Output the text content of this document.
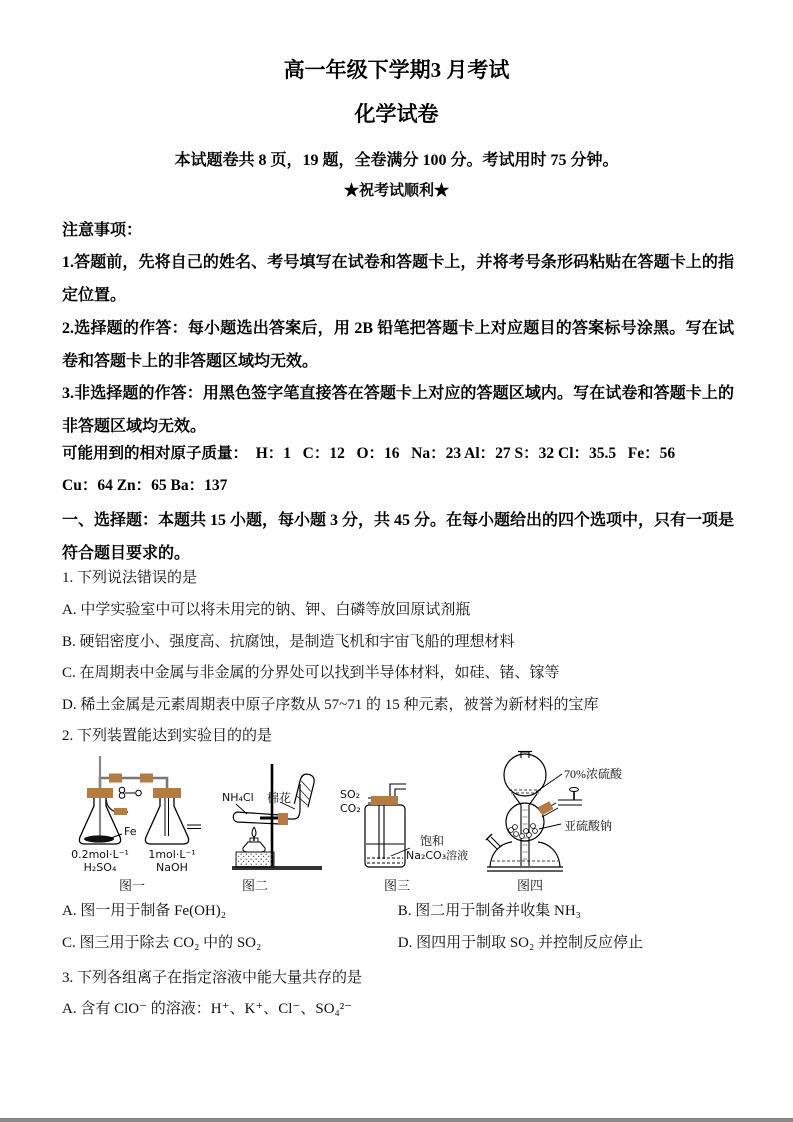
高一年级下学期3 月考试
化学试卷
本试题卷共 8 页，19 题，全卷满分 100 分。考试用时 75 分钟。
★祝考试顺利★
注意事项：
1.答题前，先将自己的姓名、考号填写在试卷和答题卡上，并将考号条形码粘贴在答题卡上的指定位置。
2.选择题的作答：每小题选出答案后，用 2B 铅笔把答题卡上对应题目的答案标号涂黑。写在试卷和答题卡上的非答题区域均无效。
3.非选择题的作答：用黑色签字笔直接答在答题卡上对应的答题区域内。写在试卷和答题卡上的非答题区域均无效。
可能用到的相对原子质量：  H：1   C：12   O：16   Na：23 Al：27 S：32 Cl：35.5   Fe：56
Cu：64 Zn：65 Ba：137
一、选择题：本题共 15 小题，每小题 3 分，共 45 分。在每小题给出的四个选项中，只有一项是符合题目要求的。
1. 下列说法错误的是
A. 中学实验室中可以将未用完的钠、钾、白磷等放回原试剂瓶
B. 硬铝密度小、强度高、抗腐蚀，是制造飞机和宇宙飞船的理想材料
C. 在周期表中金属与非金属的分界处可以找到半导体材料，如硅、锗、镓等
D. 稀土金属是元素周期表中原子序数从 57~71 的 15 种元素，被誉为新材料的宝库
2. 下列装置能达到实验目的的是
Fe
0.2mol·L⁻¹
H₂SO₄
1mol·L⁻¹
NaOH
图一
NH₄Cl 棉花
图二
SO₂
CO₂
饱和
Na₂CO₃溶液
图三
70%浓硫酸
亚硫酸钠
图四
A. 图一用于制备 Fe(OH)₂	B. 图二用于制备并收集 NH₃
C. 图三用于除去 CO₂ 中的 SO₂	D. 图四用于制取 SO₂ 并控制反应停止
3. 下列各组离子在指定溶液中能大量共存的是
A. 含有 ClO⁻ 的溶液：H⁺、K⁺、Cl⁻、SO₄²⁻
